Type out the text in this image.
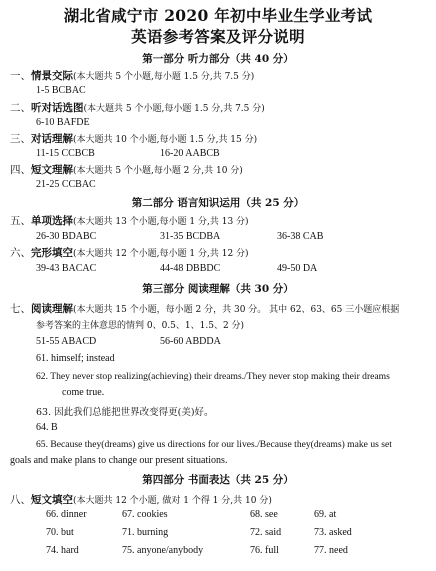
湖北省咸宁市 2020 年初中毕业生学业考试
英语参考答案及评分说明
第一部分 听力部分（共 40 分）
一、情景交际(本大题共 5 个小题,每小题 1.5 分,共 7.5 分)
1-5 BCBAC
二、听对话选图(本大题共 5 个小题,每小题 1.5 分,共 7.5 分)
6-10 BAFDE
三、对话理解(本大题共 10 个小题,每小题 1.5 分,共 15 分)
11-15 CCBCB	16-20 AABCB
四、短文理解(本大题共 5 个小题,每小题 2 分,共 10 分)
21-25 CCBAC
第二部分 语言知识运用（共 25 分）
五、单项选择(本大题共 13 个小题,每小题 1 分,共 13 分)
26-30 BDABC	31-35 BCDBA	36-38 CAB
六、完形填空(本大题共 12 个小题,每小题 1 分,共 12 分)
39-43 BACAC	44-48 DBBDC	49-50 DA
第三部分 阅读理解（共 30 分）
七、阅读理解(本大题共 15 个小题，每小题 2 分，共 30 分。 其中 62、63、65 三小题应根据
参考答案的主体意思的情判 0、0.5、1、1.5、2 分)
51-55 ABACD	56-60 ABDDA
61. himself; instead
62. They never stop realizing(achieving) their dreams./They never stop making their dreams
come true.
63. 因此我们总能把世界改变得更(美)好。
64. B
65. Because they(dreams) give us directions for our lives./Because they(dreams) make us set
goals and make plans to change our present situations.
第四部分 书面表达（共 25 分）
八、短文填空(本大题共 12 个小题, 做对 1 个得 1 分,共 10 分)
66. dinner	67. cookies	68. see	69. at
70. but	71. burning	72. said	73. asked
74. hard	75. anyone/anybody	76. full	77. need
